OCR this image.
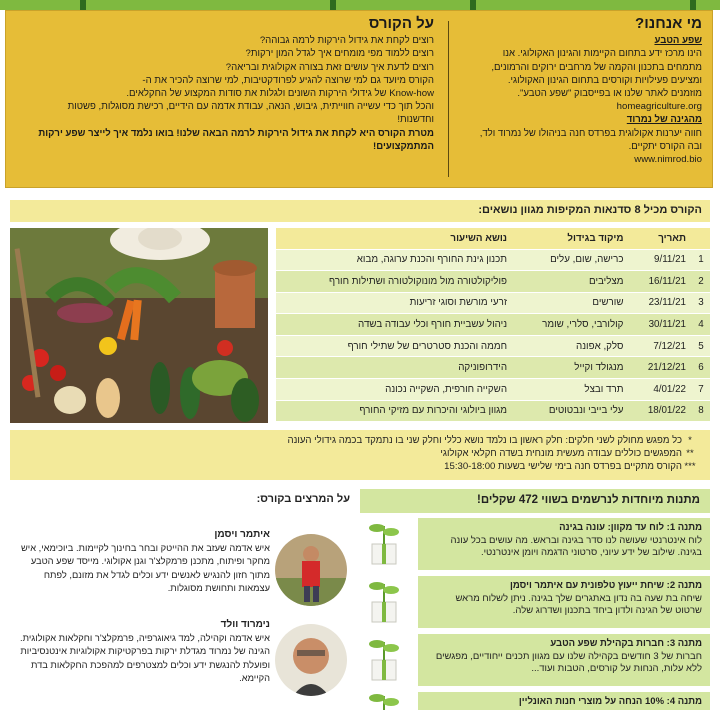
מי אנחנו?
שפע הטבע
הינו מרכז ידע בתחום הקיימות והגינון האקולוגי. אנו
מתמחים בתכנון והקמה של מרחבים ירוקים והרמונים,
ומציעים פעילויות וקורסים בתחום הגינון האקולוגי.
מוזמנים לאתר שלנו או בפייסבוק "שפע הטבע".
homeagriculture.org
מהגינה של נמרוד
חווה יערנות אקולוגית בפרדס חנה בניהולו של נמרוד ולד,
ובה הקורס יתקיים.
www.nimrod.bio
על הקורס
רוצים לקחת את גידול הירקות לרמה גבוהה?
רוצים ללמוד מפי מומחים איך לגדל המון ירקות?
רוצים לדעת איך עושים זאת בצורה אקולוגית ובריאה?
הקורס מיועד גם למי שרוצה להגיע לפרודקטיבות, למי שרוצה להכיר את ה-
Know-how של גידולי הירקות השונים ולגלות את סודות המקצוע של החקלאים.
והכל תוך כדי עשייה חווייתית, גיבוש, הנאה, עבודת אדמה עם הידיים, רכישת מסוגלות, פשטות
וחדשנות!
מטרת הקורס היא לקחת את גידול הירקות לרמה הבאה שלנו! בואו נלמד איך לייצר שפע ירקות המתמקצועים!
הקורס מכיל 8 סדנאות המקיפות מגוון נושאים:
	תאריך	מיקוד בגידול	נושא השיעור
1	9/11/21	כרישה, שום, עלים	תכנון גינת החורף והכנת ערוגה, מבוא
2	16/11/21	מצליבים	פוליקולטורה מול מונוקולטורה ושתילות חורף
3	23/11/21	שורשים	זרעי מורשת וסוגי זריעות
4	30/11/21	קולורבי, סלרי, שומר	ניהול עשביית חורף וכלי עבודה בשדה
5	7/12/21	סלק, אפונה	חממה והכנת סטרטרים של שתילי חורף
6	21/12/21	מנגולד וקייל	הידרופוניקה
7	4/01/22	תרד ובצל	השקייה חורפית, השקייה נכונה
8	18/01/22	עלי בייבי ונבטוטים	מגוון ביולוגי והיכרות עם מזיקי החורף
*כל מפגש מחולק לשני חלקים: חלק ראשון בו נלמד נושא כללי וחלק שני בו נתמקד בכמה גידולי העונה
**המפגשים כוללים עבודה מעשית מונחית בשדה חקלאי אקולוגי
***הקורס מתקיים בפרדס חנה בימי שלישי בשעות 15:30-18:00
מתנות מיוחדות לנרשמים בשווי 472 שקלים!
מתנה 1: לוח עד מקוון: עונה בגינה
לוח אינטרנטי שעושה לנו סדר בגינה ובראש. מה עושים בכל עונה בגינה. שילוב של ידע עיוני, סרטוני הדגמה ויומן אינטרנטי.
מתנה 2: שיחת ייעוץ טלפונית עם איתמר ויסמן
שיחה בת שעה בה נדון באתגרים שלך בגינה. ניתן לשלוח מראש שרטוט של הגינה ולדון ביחד בתכנון ושדרוג שלה.
מתנה 3: חברות בקהילת שפע הטבע
חברות של 3 חודשים בקהילה שלנו עם מגוון תכנים ייחודיים, מפגשים ללא עלות, הנחות על קורסים, הטבות ועוד...
מתנה 4: 10% הנחה על מוצרי חנות האונליין
על המרצים בקורס:
איתמר ויסמן
איש אדמה שעזב את ההייטק ובחר בחינוך לקיימות. ביוכימאי, איש מחקר ופיתוח, מתכנן פרמקלצ'ר וגנן אקולוגי. מייסד שפע הטבע מתוך חזון להנגיש לאנשים ידע וכלים לגדל את מזונם, לפתח עצמאות ותחושת מסוגלות.
נימרוד וולד
איש אדמה וקהילה, למד גיאוגרפיה, פרמקלצ'ר וחקלאות אקולוגית. הגינה של נמרוד מגדלת ירקות בפרקטיקות אקולוגיות אינטנסיביות ופועלת להנגשת ידע וכלים למצטרפים למהפכת החקלאות בדת הקיימא.
